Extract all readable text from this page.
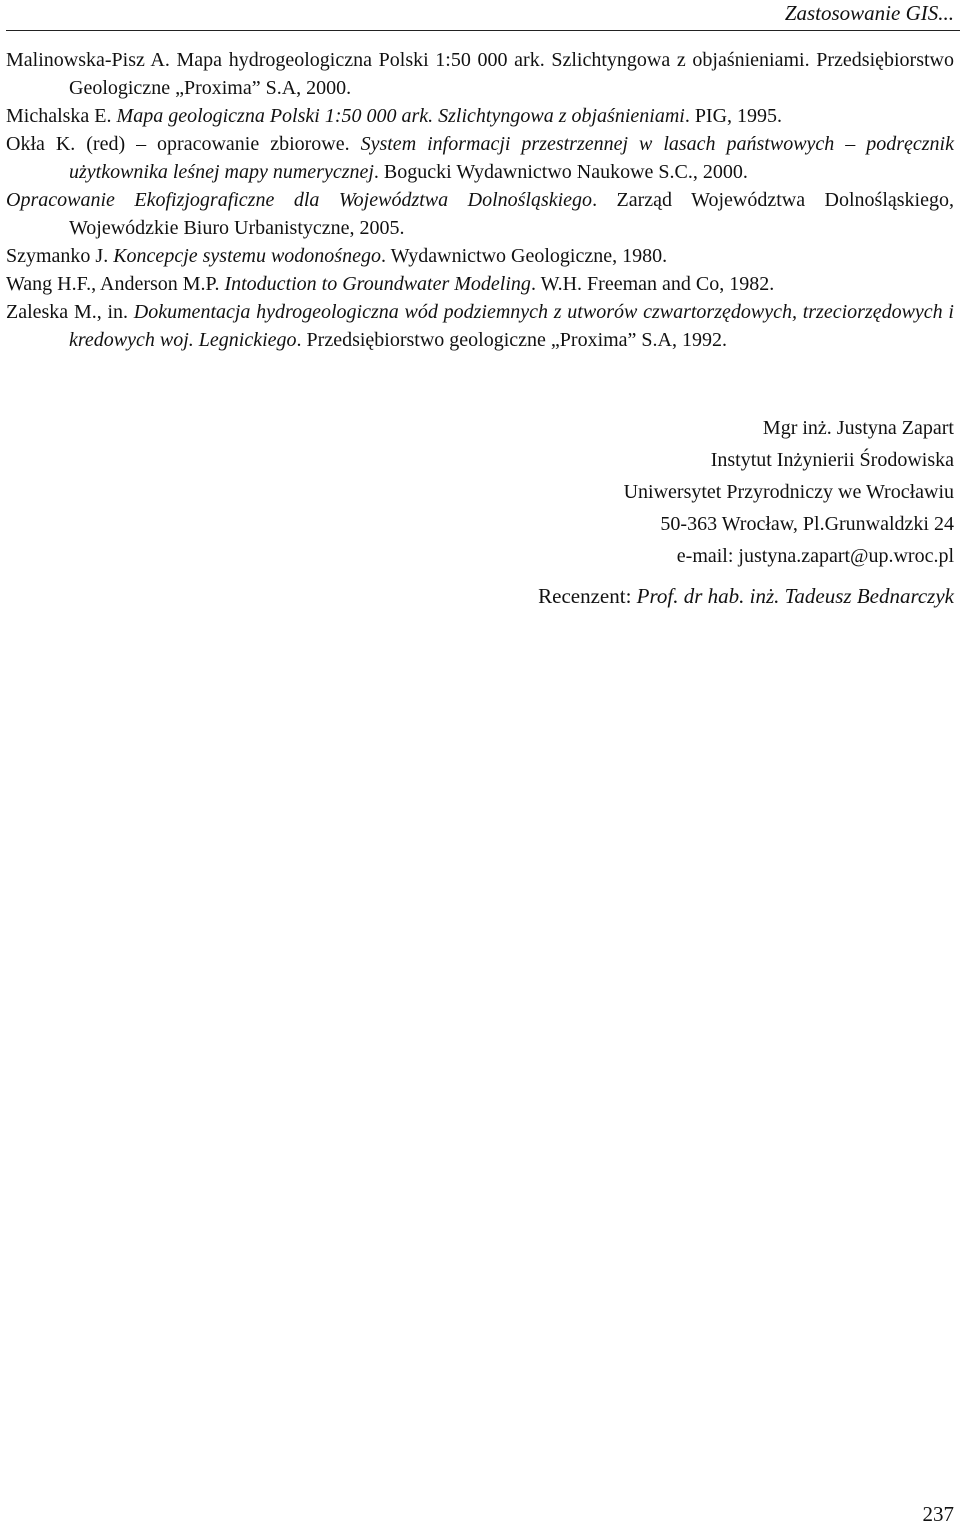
Zastosowanie GIS...

Malinowska-Pisz A. Mapa hydrogeologiczna Polski 1:50 000 ark. Szlichtyngowa z objaśnieniami. Przedsiębiorstwo Geologiczne „Proxima” S.A, 2000.

Michalska E. Mapa geologiczna Polski 1:50 000 ark. Szlichtyngowa z objaśnieniami. PIG, 1995.

Okła K. (red) – opracowanie zbiorowe. System informacji przestrzennej w lasach państwowych – podręcznik użytkownika leśnej mapy numerycznej. Bogucki Wydawnictwo Naukowe S.C., 2000.

Opracowanie Ekofizjograficzne dla Województwa Dolnośląskiego. Zarząd Województwa Dolnośląskiego, Wojewódzkie Biuro Urbanistyczne, 2005.

Szymanko J. Koncepcje systemu wodonośnego. Wydawnictwo Geologiczne, 1980.

Wang H.F., Anderson M.P. Intoduction to Groundwater Modeling. W.H. Freeman and Co, 1982.

Zaleska M., in. Dokumentacja hydrogeologiczna wód podziemnych z utworów czwartorzędowych, trzeciorzędowych i kredowych woj. Legnickiego. Przedsiębiorstwo geologiczne „Proxima” S.A, 1992.

Mgr inż. Justyna Zapart
Instytut Inżynierii Środowiska
Uniwersytet Przyrodniczy we Wrocławiu
50-363 Wrocław, Pl.Grunwaldzki 24
e-mail: justyna.zapart@up.wroc.pl
Recenzent: Prof. dr hab. inż. Tadeusz Bednarczyk
237
